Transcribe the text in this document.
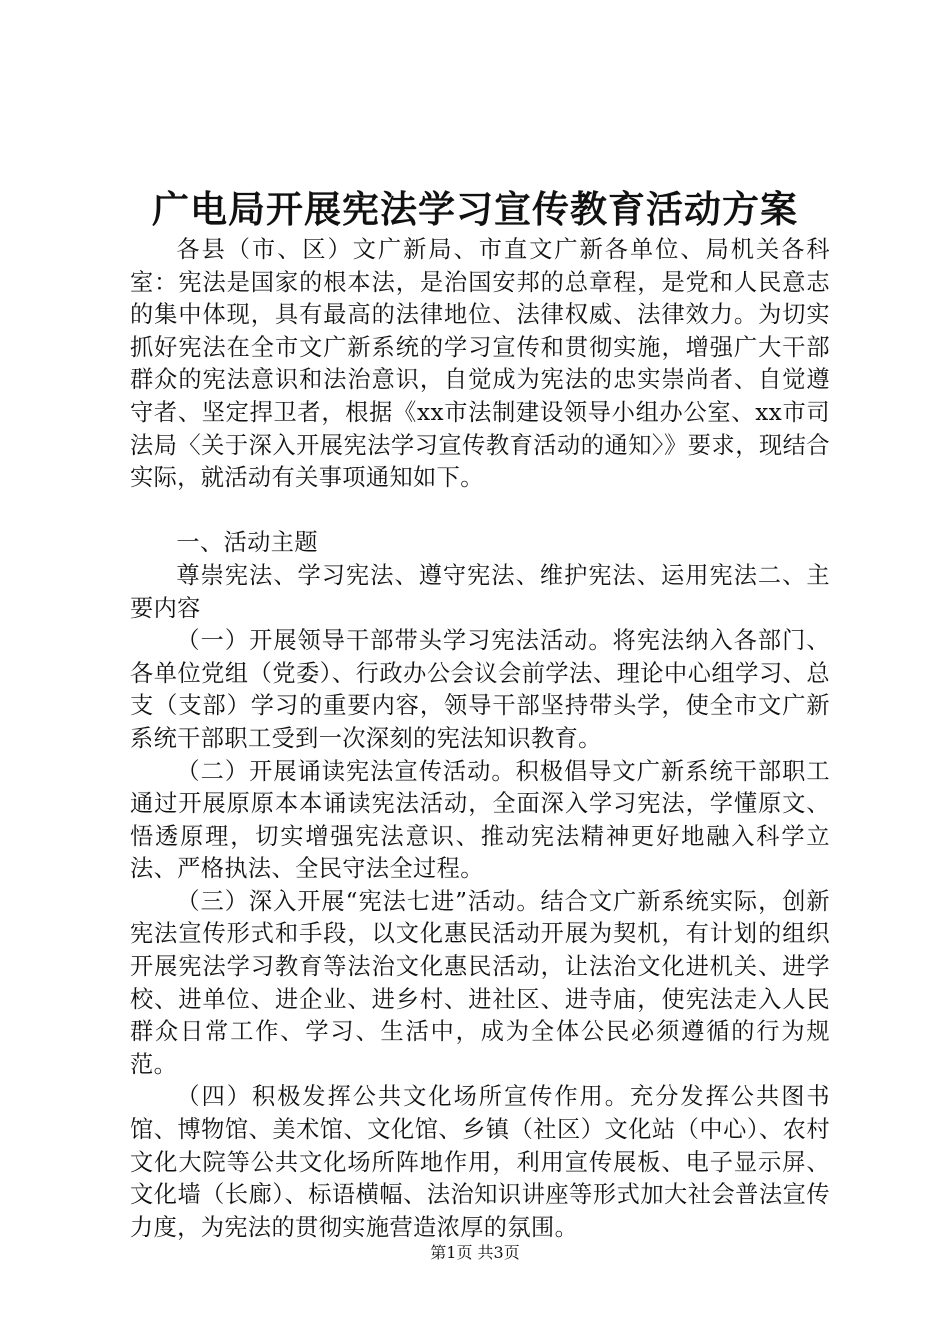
广电局开展宪法学习宣传教育活动方案

各县（市、区）文广新局、市直文广新各单位、局机关各科室：宪法是国家的根本法，是治国安邦的总章程，是党和人民意志的集中体现，具有最高的法律地位、法律权威、法律效力。为切实抓好宪法在全市文广新系统的学习宣传和贯彻实施，增强广大干部群众的宪法意识和法治意识，自觉成为宪法的忠实崇尚者、自觉遵守者、坚定捍卫者，根据《xx市法制建设领导小组办公室、xx市司法局〈关于深入开展宪法学习宣传教育活动的通知〉》要求，现结合实际，就活动有关事项通知如下。

一、活动主题

尊崇宪法、学习宪法、遵守宪法、维护宪法、运用宪法二、主要内容

（一）开展领导干部带头学习宪法活动。将宪法纳入各部门、各单位党组（党委）、行政办公会议会前学法、理论中心组学习、总支（支部）学习的重要内容，领导干部坚持带头学，使全市文广新系统干部职工受到一次深刻的宪法知识教育。

（二）开展诵读宪法宣传活动。积极倡导文广新系统干部职工通过开展原原本本诵读宪法活动，全面深入学习宪法，学懂原文、悟透原理，切实增强宪法意识、推动宪法精神更好地融入科学立法、严格执法、全民守法全过程。

（三）深入开展“宪法七进”活动。结合文广新系统实际，创新宪法宣传形式和手段，以文化惠民活动开展为契机，有计划的组织开展宪法学习教育等法治文化惠民活动，让法治文化进机关、进学校、进单位、进企业、进乡村、进社区、进寺庙，使宪法走入人民群众日常工作、学习、生活中，成为全体公民必须遵循的行为规范。

（四）积极发挥公共文化场所宣传作用。充分发挥公共图书馆、博物馆、美术馆、文化馆、乡镇（社区）文化站（中心）、农村文化大院等公共文化场所阵地作用，利用宣传展板、电子显示屏、文化墙（长廊）、标语横幅、法治知识讲座等形式加大社会普法宣传力度，为宪法的贯彻实施营造浓厚的氛围。

第1页 共3页
